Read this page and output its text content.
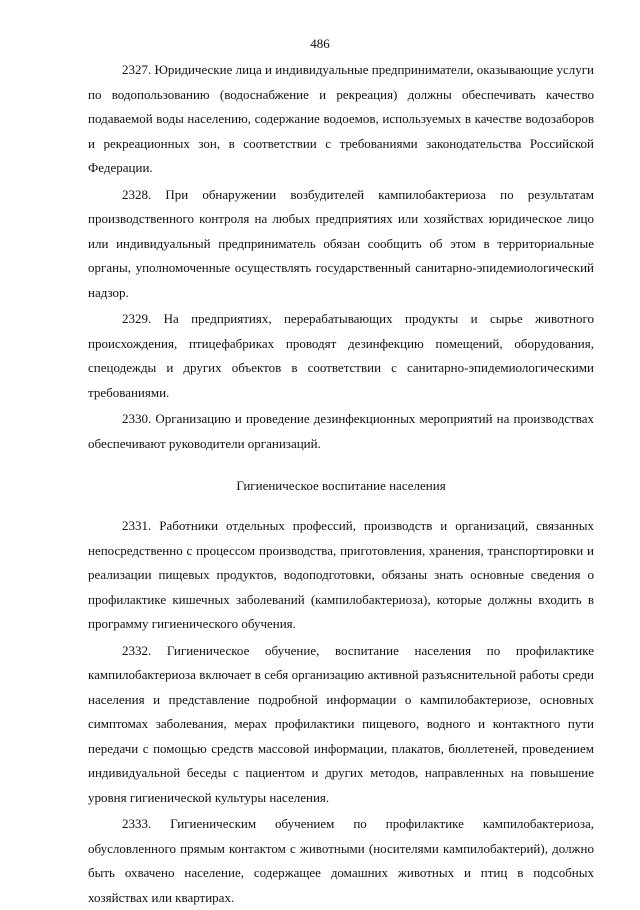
486

2327. Юридические лица и индивидуальные предприниматели, оказывающие услуги по водопользованию (водоснабжение и рекреация) должны обеспечивать качество подаваемой воды населению, содержание водоемов, используемых в качестве водозаборов и рекреационных зон, в соответствии с требованиями законодательства Российской Федерации.

2328. При обнаружении возбудителей кампилобактериоза по результатам производственного контроля на любых предприятиях или хозяйствах юридическое лицо или индивидуальный предприниматель обязан сообщить об этом в территориальные органы, уполномоченные осуществлять государственный санитарно-эпидемиологический надзор.

2329. На предприятиях, перерабатывающих продукты и сырье животного происхождения, птицефабриках проводят дезинфекцию помещений, оборудования, спецодежды и других объектов в соответствии с санитарно-эпидемиологическими требованиями.

2330. Организацию и проведение дезинфекционных мероприятий на производствах обеспечивают руководители организаций.

Гигиеническое воспитание населения

2331. Работники отдельных профессий, производств и организаций, связанных непосредственно с процессом производства, приготовления, хранения, транспортировки и реализации пищевых продуктов, водоподготовки, обязаны знать основные сведения о профилактике кишечных заболеваний (кампилобактериоза), которые должны входить в программу гигиенического обучения.

2332. Гигиеническое обучение, воспитание населения по профилактике кампилобактериоза включает в себя организацию активной разъяснительной работы среди населения и представление подробной информации о кампилобактериозе, основных симптомах заболевания, мерах профилактики пищевого, водного и контактного пути передачи с помощью средств массовой информации, плакатов, бюллетеней, проведением индивидуальной беседы с пациентом и других методов, направленных на повышение уровня гигиенической культуры населения.

2333. Гигиеническим обучением по профилактике кампилобактериоза, обусловленного прямым контактом с животными (носителями кампилобактерий), должно быть охвачено население, содержащее домашних животных и птиц в подсобных хозяйствах или квартирах.
